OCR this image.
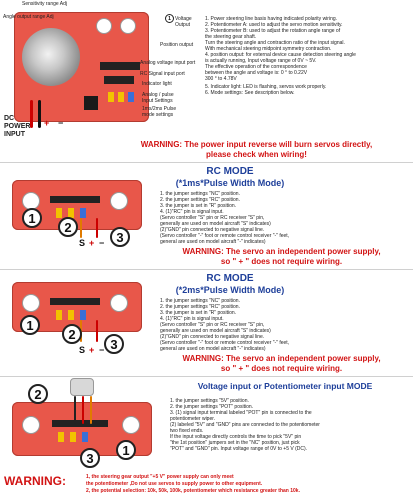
Sensitivity range Adj
Angle output range Adj	Voltage Output
Position output
Analog voltage input port
RC Signal input port
Indicator light
Analog / pulse Input Settings
1ms/2ms Pulse mode settings
DC POWER INPUT
+ −
1	1. Power steering line basis having indicated polarity wiring.
2. Potentiometer A: used to adjust the servo motion sensitivity.
3. Potentiometer B: used to adjust the rotation angle range of
the steering gear shaft.
Turn the steering angle and contraction ratio of the input signal.
With mechanical steering midpoint symmetry contraction.
4. position output: for external device cause detection steering angle
is actually running, Input voltage range of 0V ~ 5V.
The effective operation of the correspondence
between the angle and voltage is: 0 ° to 0.22V
300 ° to 4.78V
5. Indicator light: LED is flashing, servos work properly.
6. Mode settings: See description below.
WARNING: The power input reverse will burn servos directly,
please check when wiring!
RC MODE
(*1ms*Pulse Width Mode)
1
2
3
S + −
1. the jumper settings "NC" position.
2. the jumper settings "RC" position.
3. the jumper is set in "R" position.
4. (1)"RC" pin is signal input.
(Servo controller "S" pin or RC receiver "S" pin,
generally are used on model aircraft "S" indicates)
(2)"GND" pin connected to negative signal line.
(Servo controller "-" foot or remote control receiver "-" feet,
general are used on model aircraft "-" indicates)
WARNING: The servo an independent power supply,
so " + " does not require wiring.
RC MODE
(*2ms*Pulse Width Mode)
1
2
3
S + −
1. the jumper settings "NC" position.
2. the jumper settings "RC" position.
3. the jumper is set in "R" position.
4. (1)"RC" pin is signal input.
(Servo controller "S" pin or RC receiver "S" pin,
generally are used on model aircraft "S" indicates)
(2)"GND" pin connected to negative signal line.
(Servo controller "-" foot or remote control receiver "-" feet,
general are used on model aircraft "-" indicates)
WARNING: The servo an independent power supply,
so " + " does not require wiring.
Voltage input or Potentiometer input MODE
1
2
3
1. the jumper settings "5V" position.
2. the jumper settings "POT" position.
3. (1) signal input terminal labeled "POT" pin is connected to the
potentiometer wiper.
(2) labeled "5V" and "GND" pins are connected to the potentiometer
two fixed ends.
If the input voltage directly controls the time to pick "5V" pin
"the 1st position" jumpers set in the "NC" position, just pick
"POT" and "GND" pin. Input voltage range of 0V to +5 V (DC).
WARNING:	1, the steering gear output "+5 V" power supply can only meet
the potentiometer ,Do not use servos to supply power to other equipment.
2, the potential selection: 10k, 50k, 100k, potentiometer which resistance greater than 10k.
